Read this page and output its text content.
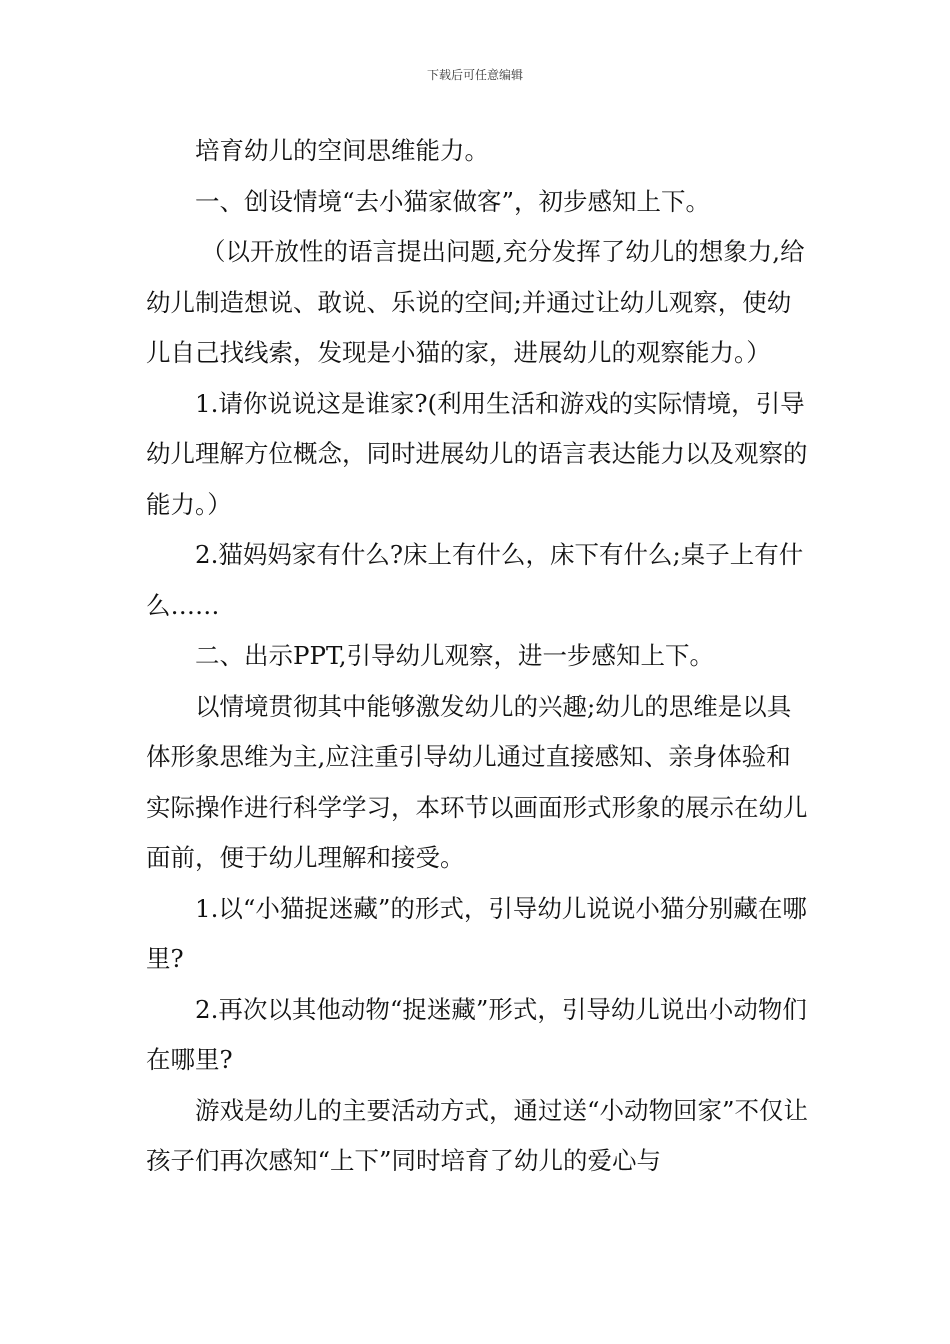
下载后可任意编辑

培育幼儿的空间思维能力。

一、创设情境“去小猫家做客”，初步感知上下。

（以开放性的语言提出问题,充分发挥了幼儿的想象力,给幼儿制造想说、敢说、乐说的空间;并通过让幼儿观察，使幼儿自己找线索，发现是小猫的家，进展幼儿的观察能力。）

1.请你说说这是谁家?(利用生活和游戏的实际情境，引导幼儿理解方位概念，同时进展幼儿的语言表达能力以及观察的能力。）

2.猫妈妈家有什么?床上有什么，床下有什么;桌子上有什么……

二、出示PPT,引导幼儿观察，进一步感知上下。

以情境贯彻其中能够激发幼儿的兴趣;幼儿的思维是以具体形象思维为主,应注重引导幼儿通过直接感知、亲身体验和实际操作进行科学学习，本环节以画面形式形象的展示在幼儿面前，便于幼儿理解和接受。

1.以“小猫捉迷藏”的形式，引导幼儿说说小猫分别藏在哪里?

2.再次以其他动物“捉迷藏”形式，引导幼儿说出小动物们在哪里?

游戏是幼儿的主要活动方式，通过送“小动物回家”不仅让孩子们再次感知“上下”同时培育了幼儿的爱心与
